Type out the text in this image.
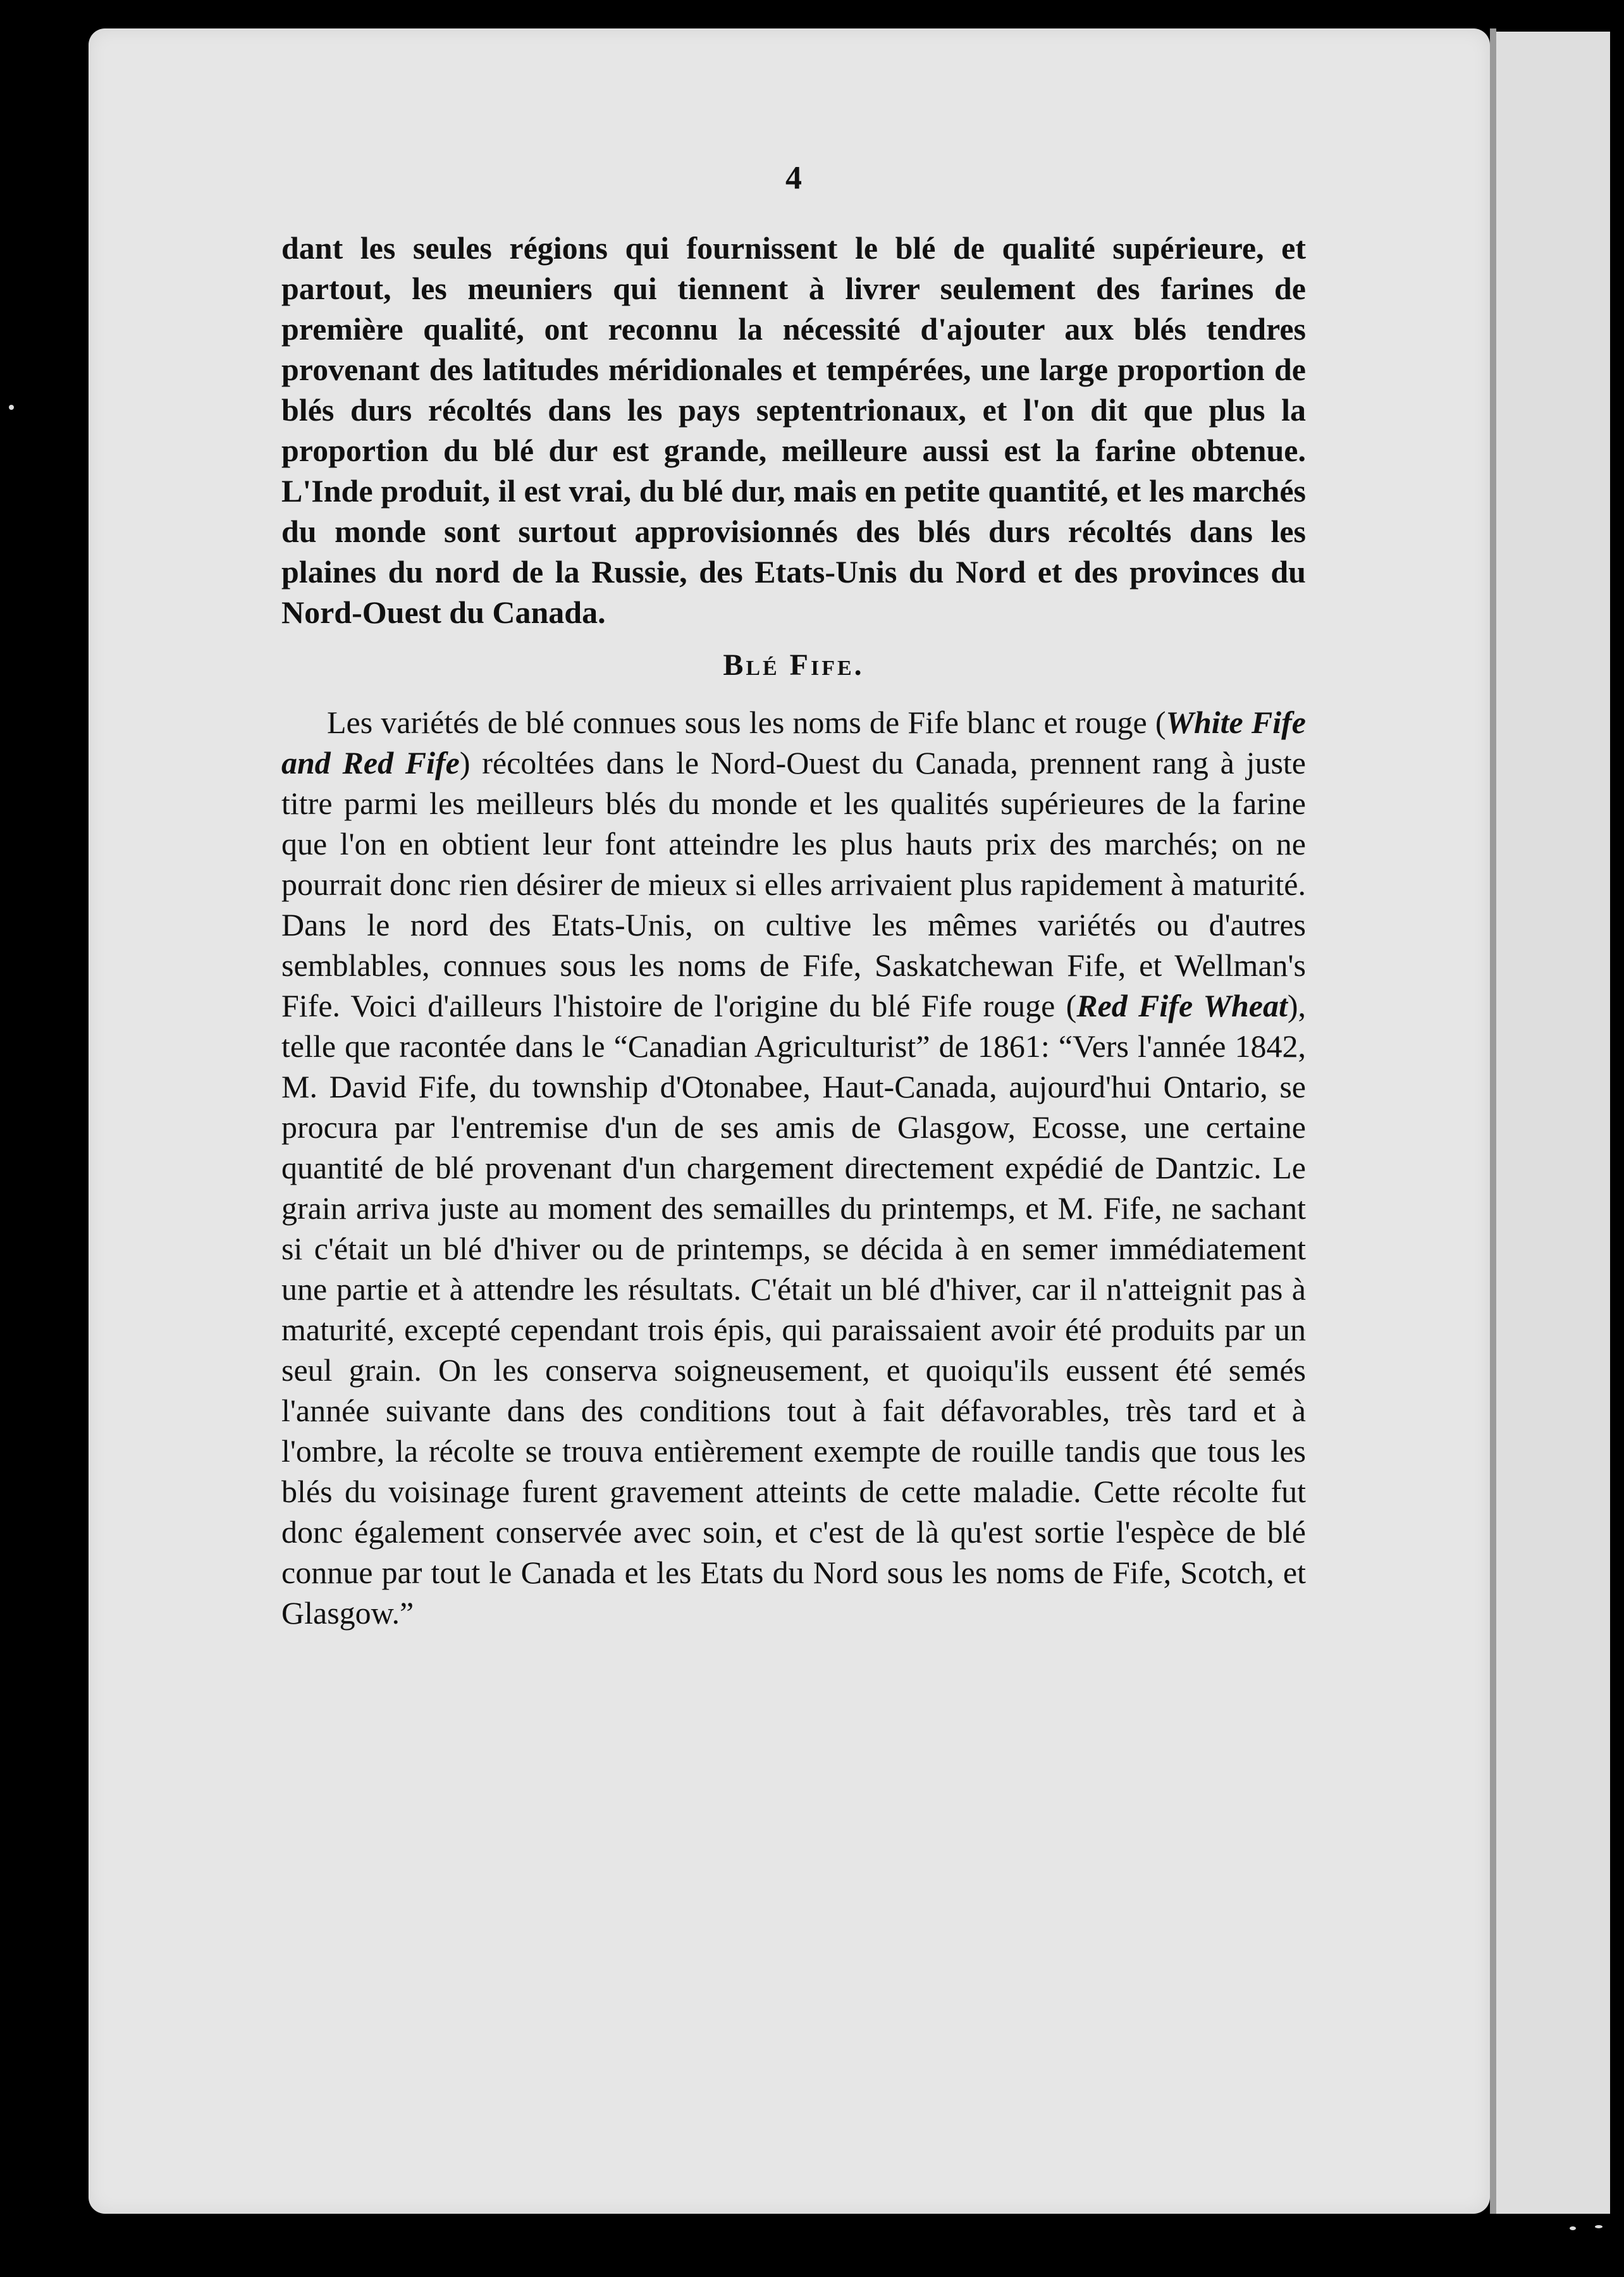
4

dant les seules régions qui fournissent le blé de qualité supérieure, et partout, les meuniers qui tiennent à livrer seulement des farines de première qualité, ont reconnu la nécessité d'ajouter aux blés tendres provenant des latitudes méridionales et tempérées, une large proportion de blés durs récoltés dans les pays septentrionaux, et l'on dit que plus la proportion du blé dur est grande, meilleure aussi est la farine obtenue. L'Inde produit, il est vrai, du blé dur, mais en petite quantité, et les marchés du monde sont surtout approvisionnés des blés durs récoltés dans les plaines du nord de la Russie, des Etats-Unis du Nord et des provinces du Nord-Ouest du Canada.

Blé Fife.

Les variétés de blé connues sous les noms de Fife blanc et rouge (White Fife and Red Fife) récoltées dans le Nord-Ouest du Canada, prennent rang à juste titre parmi les meilleurs blés du monde et les qualités supérieures de la farine que l'on en obtient leur font atteindre les plus hauts prix des marchés; on ne pourrait donc rien désirer de mieux si elles arrivaient plus rapidement à maturité. Dans le nord des Etats-Unis, on cultive les mêmes variétés ou d'autres semblables, connues sous les noms de Fife, Saskatchewan Fife, et Wellman's Fife. Voici d'ailleurs l'histoire de l'origine du blé Fife rouge (Red Fife Wheat), telle que racontée dans le “Canadian Agriculturist” de 1861: “Vers l'année 1842, M. David Fife, du township d'Otonabee, Haut-Canada, aujourd'hui Ontario, se procura par l'entremise d'un de ses amis de Glasgow, Ecosse, une certaine quantité de blé provenant d'un chargement directement expédié de Dantzic. Le grain arriva juste au moment des semailles du printemps, et M. Fife, ne sachant si c'était un blé d'hiver ou de printemps, se décida à en semer immédiatement une partie et à attendre les résultats. C'était un blé d'hiver, car il n'atteignit pas à maturité, excepté cependant trois épis, qui paraissaient avoir été produits par un seul grain. On les conserva soigneusement, et quoiqu'ils eussent été semés l'année suivante dans des conditions tout à fait défavorables, très tard et à l'ombre, la récolte se trouva entièrement exempte de rouille tandis que tous les blés du voisinage furent gravement atteints de cette maladie. Cette récolte fut donc également conservée avec soin, et c'est de là qu'est sortie l'espèce de blé connue par tout le Canada et les Etats du Nord sous les noms de Fife, Scotch, et Glasgow.”
